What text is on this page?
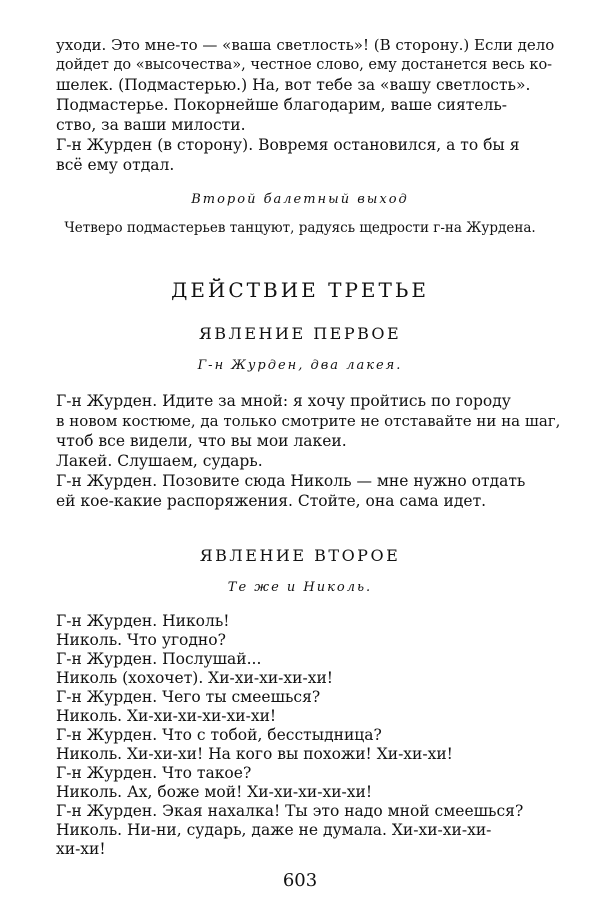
уходи. Это мне-то — «ваша светлость»! (В сторону.) Если дело
дойдет до «высочества», честное слово, ему достанется весь ко-
шелек. (Подмастерью.) На, вот тебе за «вашу светлость».
Подмастерье. Покорнейше благодарим, ваше сиятель-
ство, за ваши милости.
Г-н Журден (в сторону). Вовремя остановился, а то бы я
всё ему отдал.
Второй балетный выход
Четверо подмастерьев танцуют, радуясь щедрости г-на Журдена.
ДЕЙСТВИЕ ТРЕТЬЕ
ЯВЛЕНИЕ ПЕРВОЕ
Г-н Журден, два лакея.
Г-н Журден. Идите за мной: я хочу пройтись по городу
в новом костюме, да только смотрите не отставайте ни на шаг,
чтоб все видели, что вы мои лакеи.
Лакей. Слушаем, сударь.
Г-н Журден. Позовите сюда Николь — мне нужно отдать
ей кое-какие распоряжения. Стойте, она сама идет.
ЯВЛЕНИЕ ВТОРОЕ
Те же и Николь.
Г-н Журден. Николь!
Николь. Что угодно?
Г-н Журден. Послушай...
Николь (хохочет). Хи-хи-хи-хи-хи!
Г-н Журден. Чего ты смеешься?
Николь. Хи-хи-хи-хи-хи-хи!
Г-н Журден. Что с тобой, бесстыдница?
Николь. Хи-хи-хи! На кого вы похожи! Хи-хи-хи!
Г-н Журден. Что такое?
Николь. Ах, боже мой! Хи-хи-хи-хи-хи!
Г-н Журден. Экая нахалка! Ты это надо мной смеешься?
Николь. Ни-ни, сударь, даже не думала. Хи-хи-хи-хи-
хи-хи!
603
